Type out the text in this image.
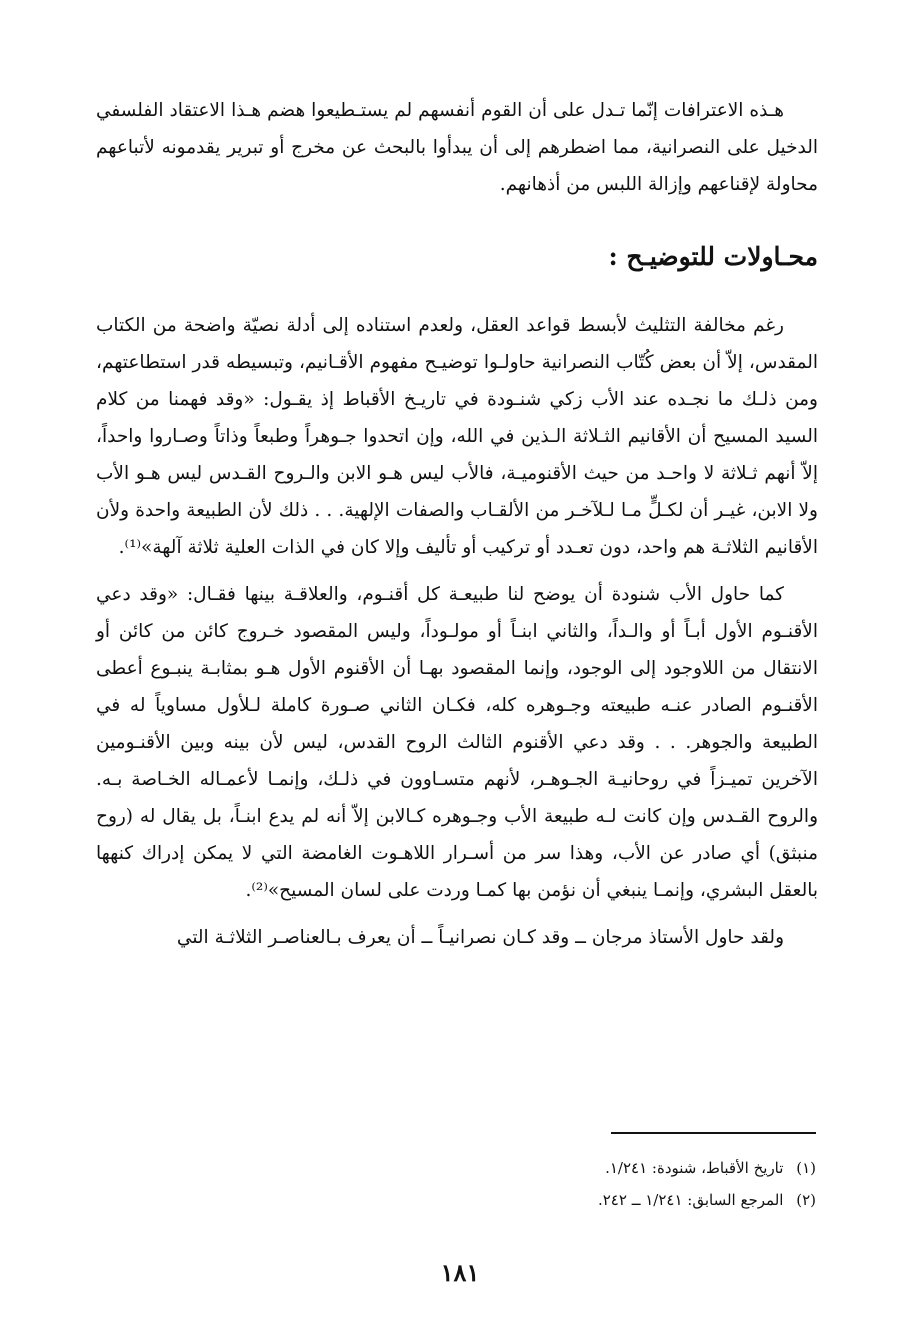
هـذه الاعترافات إنّما تـدل على أن القوم أنفسهم لم يستـطيعوا هضم هـذا الاعتقاد الفلسفي الدخيل على النصرانية، مما اضطرهم إلى أن يبدأوا بالبحث عن مخرج أو تبرير يقدمونه لأتباعهم محاولة لإقناعهم وإزالة اللبس من أذهانهم.

محـاولات للتوضيـح :

رغم مخالفة التثليث لأبسط قواعد العقل، ولعدم استناده إلى أدلة نصيّة واضحة من الكتاب المقدس، إلاّ أن بعض كُتّاب النصرانية حاولـوا توضيـح مفهوم الأقـانيم، وتبسيطه قدر استطاعتهم، ومن ذلـك ما نجـده عند الأب زكي شنـودة في تاريـخ الأقباط إذ يقـول: «وقد فهمنا من كلام السيد المسيح أن الأقانيم الثـلاثة الـذين في الله، وإن اتحدوا جـوهراً وطبعاً وذاتاً وصـاروا واحداً، إلاّ أنهم ثـلاثة لا واحـد من حيث الأقنوميـة، فالأب ليس هـو الابن والـروح القـدس ليس هـو الأب ولا الابن، غيـر أن لكـلٍّ مـا لـلآخـر من الألقـاب والصفات الإلهية. . . ذلك لأن الطبيعة واحدة ولأن الأقانيم الثلاثـة هم واحد، دون تعـدد أو تركيب أو تأليف وإلا كان في الذات العلية ثلاثة آلهة»⁽¹⁾.

كما حاول الأب شنودة أن يوضح لنا طبيعـة كل أقنـوم، والعلاقـة بينها فقـال: «وقد دعي الأقنـوم الأول أبـاً أو والـداً، والثاني ابنـاً أو مولـوداً، وليس المقصود خـروج كائن من كائن أو الانتقال من اللاوجود إلى الوجود، وإنما المقصود بهـا أن الأقنوم الأول هـو بمثابـة ينبـوع أعطى الأقنـوم الصادر عنـه طبيعته وجـوهره كله، فكـان الثاني صـورة كاملة لـلأول مساوياً له في الطبيعة والجوهر. . . وقد دعي الأقنوم الثالث الروح القدس، ليس لأن بينه وبين الأقنـومين الآخرين تميـزاً في روحانيـة الجـوهـر، لأنهم متسـاوون في ذلـك، وإنمـا لأعمـاله الخـاصة بـه. والروح القـدس وإن كانت لـه طبيعة الأب وجـوهره كـالابن إلاّ أنه لم يدع ابنـاً، بل يقال له (روح منبثق) أي صادر عن الأب، وهذا سر من أسـرار اللاهـوت الغامضة التي لا يمكن إدراك كنهها بالعقل البشري، وإنمـا ينبغي أن نؤمن بها كمـا وردت على لسان المسيح»⁽²⁾.

ولقد حاول الأستاذ مرجان ــ وقد كـان نصرانيـاً ــ أن يعرف بـالعناصـر الثلاثـة التي

(١) تاريخ الأقباط، شنودة: ١/٢٤١.

(٢) المرجع السابق: ١/٢٤١ ــ ٢٤٢.

١٨١
